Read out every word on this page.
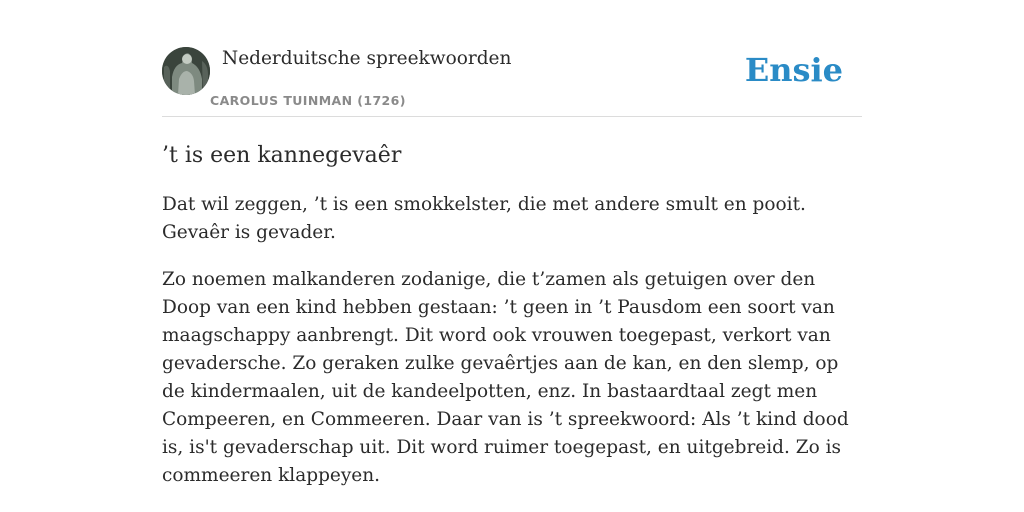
Nederduitsche spreekwoorden
CAROLUS TUINMAN (1726)
Ensie
’t is een kannegevaêr

Dat wil zeggen, ’t is een smokkelster, die met andere smult en pooit. Gevaêr is gevader.

Zo noemen malkanderen zodanige, die t’zamen als getuigen over den Doop van een kind hebben gestaan: ’t geen in ’t Pausdom een soort van maagschappy aanbrengt. Dit word ook vrouwen toegepast, verkort van gevadersche. Zo geraken zulke gevaêrtjes aan de kan, en den slemp, op de kindermaalen, uit de kandeelpotten, enz. In bastaardtaal zegt men Compeeren, en Commeeren. Daar van is ’t spreekwoord: Als ’t kind dood is, is't gevaderschap uit. Dit word ruimer toegepast, en uitgebreid. Zo is commeeren klappeyen.
